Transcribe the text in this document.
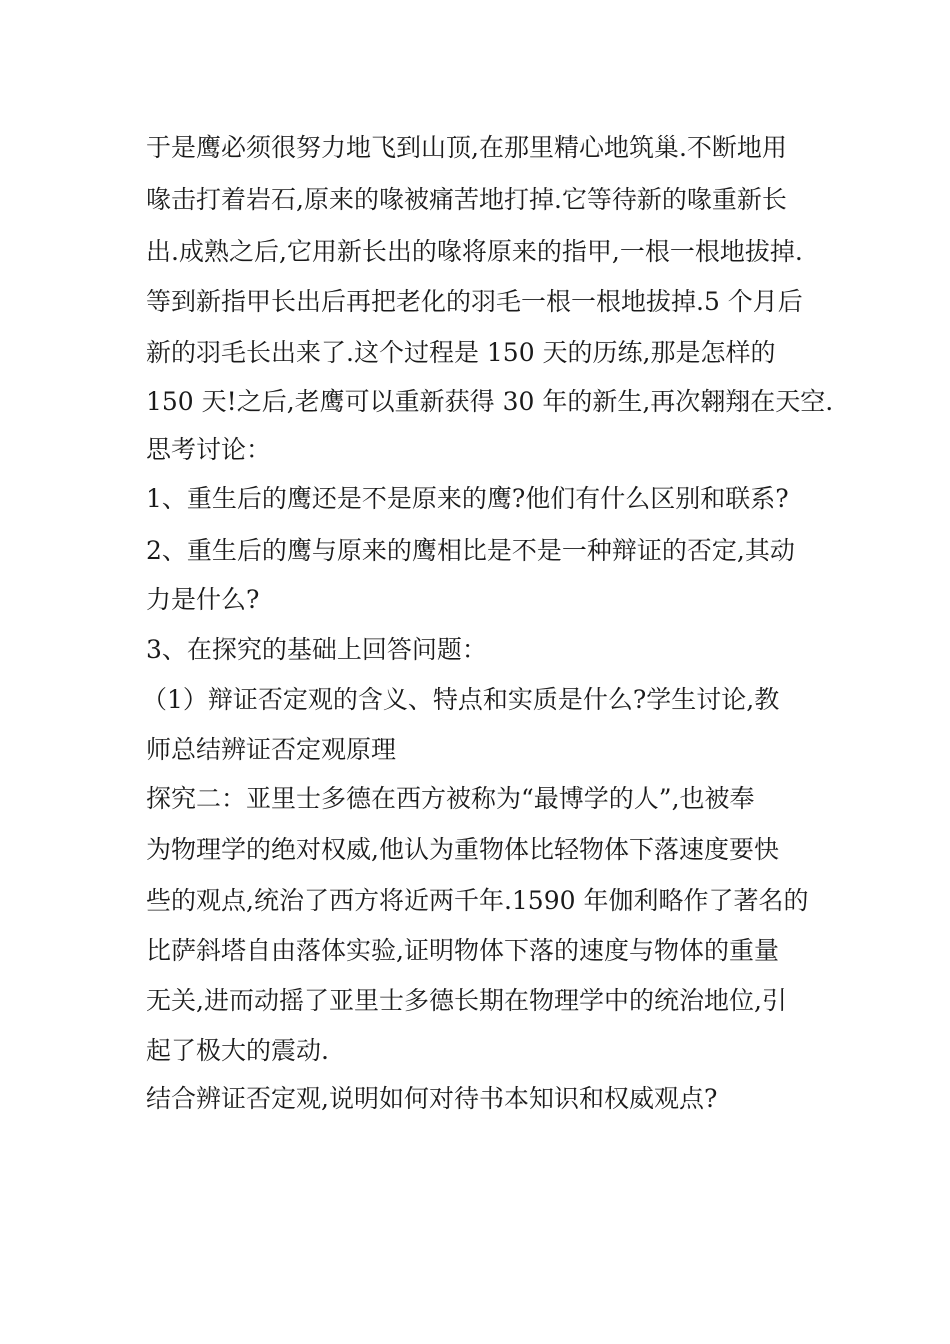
于是鹰必须很努力地飞到山顶,在那里精心地筑巢.不断地用

喙击打着岩石,原来的喙被痛苦地打掉.它等待新的喙重新长

出.成熟之后,它用新长出的喙将原来的指甲,一根一根地拔掉.

等到新指甲长出后再把老化的羽毛一根一根地拔掉.5 个月后

新的羽毛长出来了.这个过程是 150 天的历练,那是怎样的

150 天!之后,老鹰可以重新获得 30 年的新生,再次翱翔在天空.

思考讨论：

1、重生后的鹰还是不是原来的鹰?他们有什么区别和联系?

2、重生后的鹰与原来的鹰相比是不是一种辩证的否定,其动

力是什么?

3、在探究的基础上回答问题：

（1）辩证否定观的含义、特点和实质是什么?学生讨论,教

师总结辨证否定观原理

探究二：亚里士多德在西方被称为“最博学的人”,也被奉

为物理学的绝对权威,他认为重物体比轻物体下落速度要快

些的观点,统治了西方将近两千年.1590 年伽利略作了著名的

比萨斜塔自由落体实验,证明物体下落的速度与物体的重量

无关,进而动摇了亚里士多德长期在物理学中的统治地位,引

起了极大的震动.

结合辨证否定观,说明如何对待书本知识和权威观点?
